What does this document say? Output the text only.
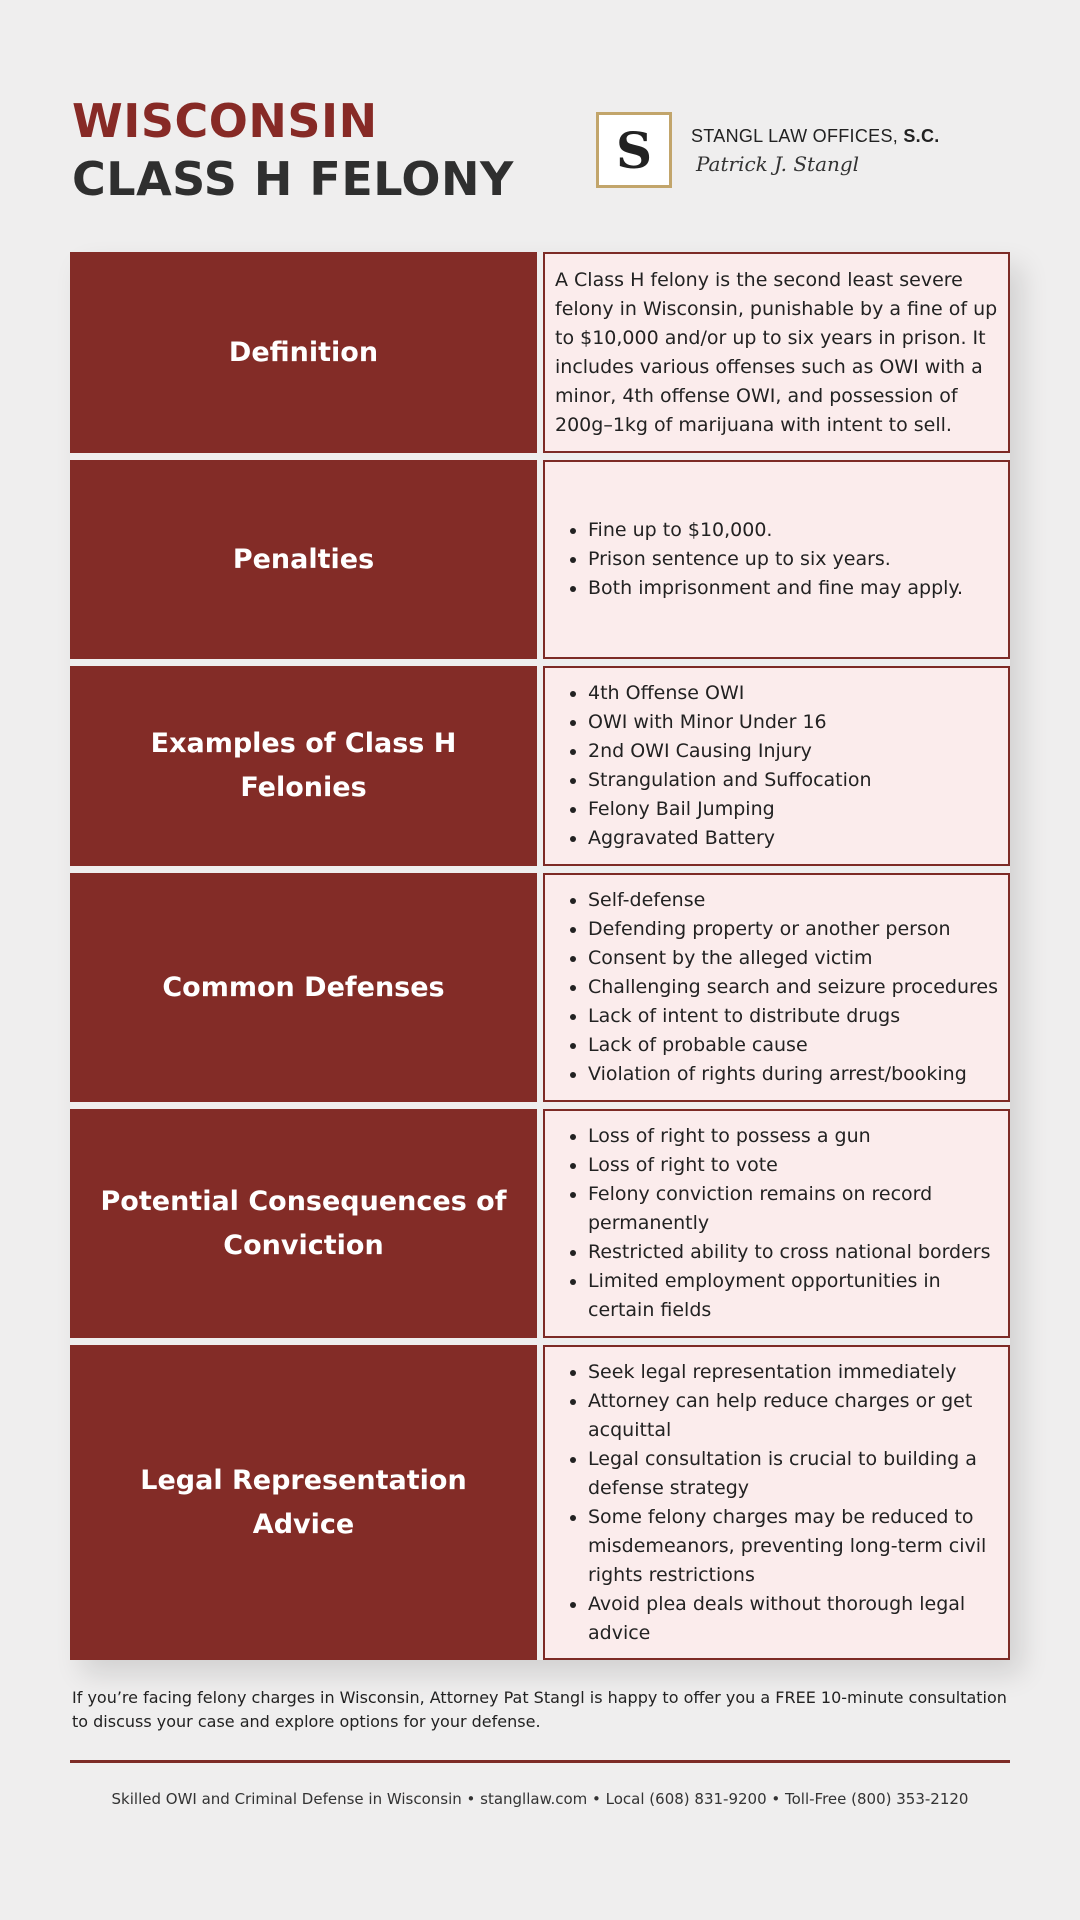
WISCONSIN
CLASS H FELONY	S	STANGL LAW OFFICES, S.C.
Patrick J. Stangl
Definition

A Class H felony is the second least severe felony in Wisconsin, punishable by a fine of up to $10,000 and/or up to six years in prison. It includes various offenses such as OWI with a minor, 4th offense OWI, and possession of 200g–1kg of marijuana with intent to sell.

Penalties
• Fine up to $10,000.
• Prison sentence up to six years.
• Both imprisonment and fine may apply.
Examples of Class H Felonies
• 4th Offense OWI
• OWI with Minor Under 16
• 2nd OWI Causing Injury
• Strangulation and Suffocation
• Felony Bail Jumping
• Aggravated Battery
Common Defenses
• Self-defense
• Defending property or another person
• Consent by the alleged victim
• Challenging search and seizure procedures
• Lack of intent to distribute drugs
• Lack of probable cause
• Violation of rights during arrest/booking
Potential Consequences of Conviction
• Loss of right to possess a gun
• Loss of right to vote
• Felony conviction remains on record permanently
• Restricted ability to cross national borders
• Limited employment opportunities in certain fields
Legal Representation Advice
• Seek legal representation immediately
• Attorney can help reduce charges or get acquittal
• Legal consultation is crucial to building a defense strategy
• Some felony charges may be reduced to misdemeanors, preventing long-term civil rights restrictions
• Avoid plea deals without thorough legal advice
If you’re facing felony charges in Wisconsin, Attorney Pat Stangl is happy to offer you a FREE 10-minute consultation to discuss your case and explore options for your defense.
Skilled OWI and Criminal Defense in Wisconsin • stangllaw.com • Local (608) 831-9200 • Toll-Free (800) 353-2120
